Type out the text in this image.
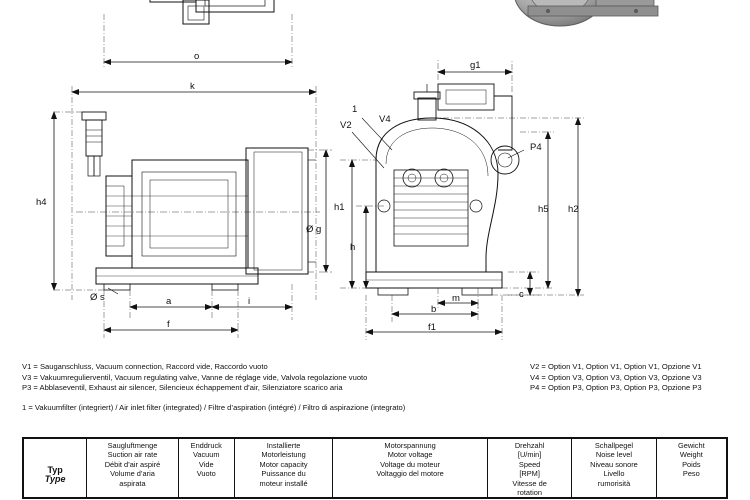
o
k
h4
Ø g
Ø s	a	i
f
g1
1
V4
V2
P4
h1
h
h5 h2
m	c
b
f1
V1 = Sauganschluss, Vacuum connection, Raccord vide, Raccordo vuoto	V2 = Option V1, Option V1, Option V1, Opzione V1
V3 = Vakuumregulierventil, Vacuum regulating valve, Vanne de réglage vide, Valvola regolazione vuoto	V4 = Option V3, Option V3, Option V3, Opzione V3
P3 = Abblaseventil, Exhaust air silencer, Silencieux échappement d’air, Silenziatore scarico aria	P4 = Option P3, Option P3, Option P3, Opzione P3
1 = Vakuumfilter (integriert) / Air inlet filter (integrated) / Filtre d’aspiration (intégré) / Filtro di aspirazione (integrato)
Typ
Type

Saugluftmenge
Suction air rate
Débit d’air aspiré
Volume d’aria
aspirata

Enddruck
Vacuum
Vide
Vuoto

Installierte
Motorleistung
Motor capacity
Puissance du
moteur installé

Motorspannung
Motor voltage
Voltage du moteur
Voltaggio del motore

Drehzahl
[U/min]
Speed
[RPM]
Vitesse de
rotation

Schallpegel
Noise level
Niveau sonore
Livello
rumorisità

Gewicht
Weight
Poids
Peso
